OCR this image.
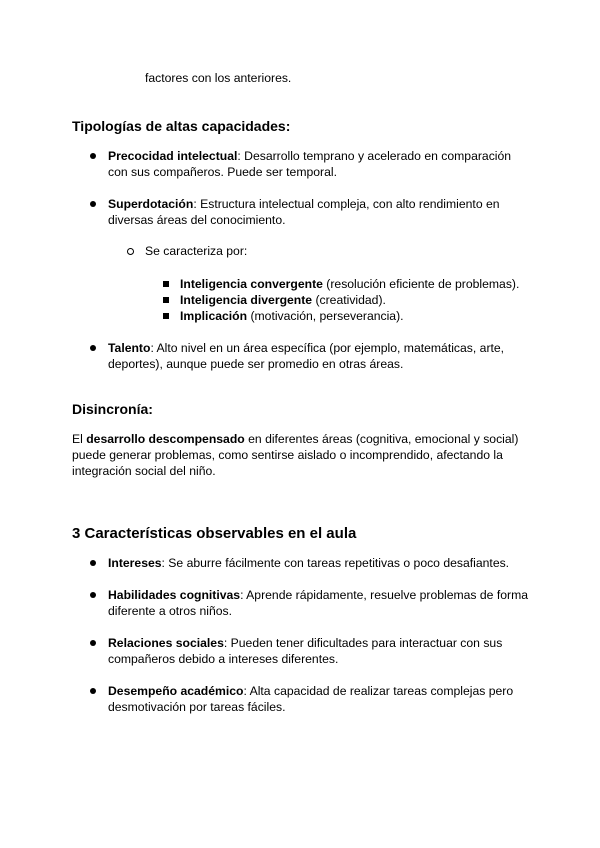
factores con los anteriores.
Tipologías de altas capacidades:
Precocidad intelectual: Desarrollo temprano y acelerado en comparación
con sus compañeros. Puede ser temporal.
Superdotación: Estructura intelectual compleja, con alto rendimiento en
diversas áreas del conocimiento.
Se caracteriza por:
Inteligencia convergente (resolución eficiente de problemas).
Inteligencia divergente (creatividad).
Implicación (motivación, perseverancia).
Talento: Alto nivel en un área específica (por ejemplo, matemáticas, arte,
deportes), aunque puede ser promedio en otras áreas.
Disincronía:
El desarrollo descompensado en diferentes áreas (cognitiva, emocional y social)
puede generar problemas, como sentirse aislado o incomprendido, afectando la
integración social del niño.
3 Características observables en el aula
Intereses: Se aburre fácilmente con tareas repetitivas o poco desafiantes.
Habilidades cognitivas: Aprende rápidamente, resuelve problemas de forma
diferente a otros niños.
Relaciones sociales: Pueden tener dificultades para interactuar con sus
compañeros debido a intereses diferentes.
Desempeño académico: Alta capacidad de realizar tareas complejas pero
desmotivación por tareas fáciles.
